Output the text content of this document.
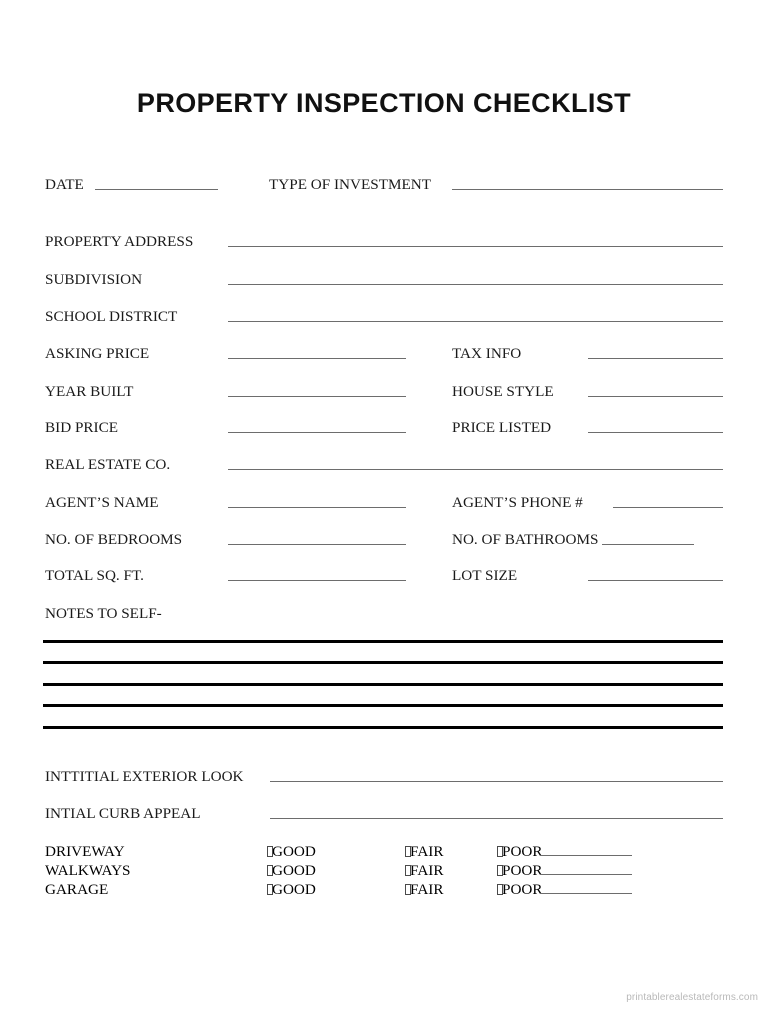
PROPERTY INSPECTION CHECKLIST
DATE	TYPE OF INVESTMENT
PROPERTY ADDRESS
SUBDIVISION
SCHOOL DISTRICT
ASKING PRICE	TAX INFO
YEAR BUILT	HOUSE STYLE
BID PRICE	PRICE LISTED
REAL ESTATE CO.
AGENT’S NAME	AGENT’S PHONE #
NO. OF BEDROOMS	NO. OF BATHROOMS
TOTAL SQ. FT.	LOT SIZE
NOTES TO SELF-
INTTITIAL EXTERIOR LOOK
INTIAL CURB APPEAL
DRIVEWAY	GOOD	FAIR	POOR
WALKWAYS	GOOD	FAIR	POOR
GARAGE	GOOD	FAIR	POOR
printablerealestateforms.com
